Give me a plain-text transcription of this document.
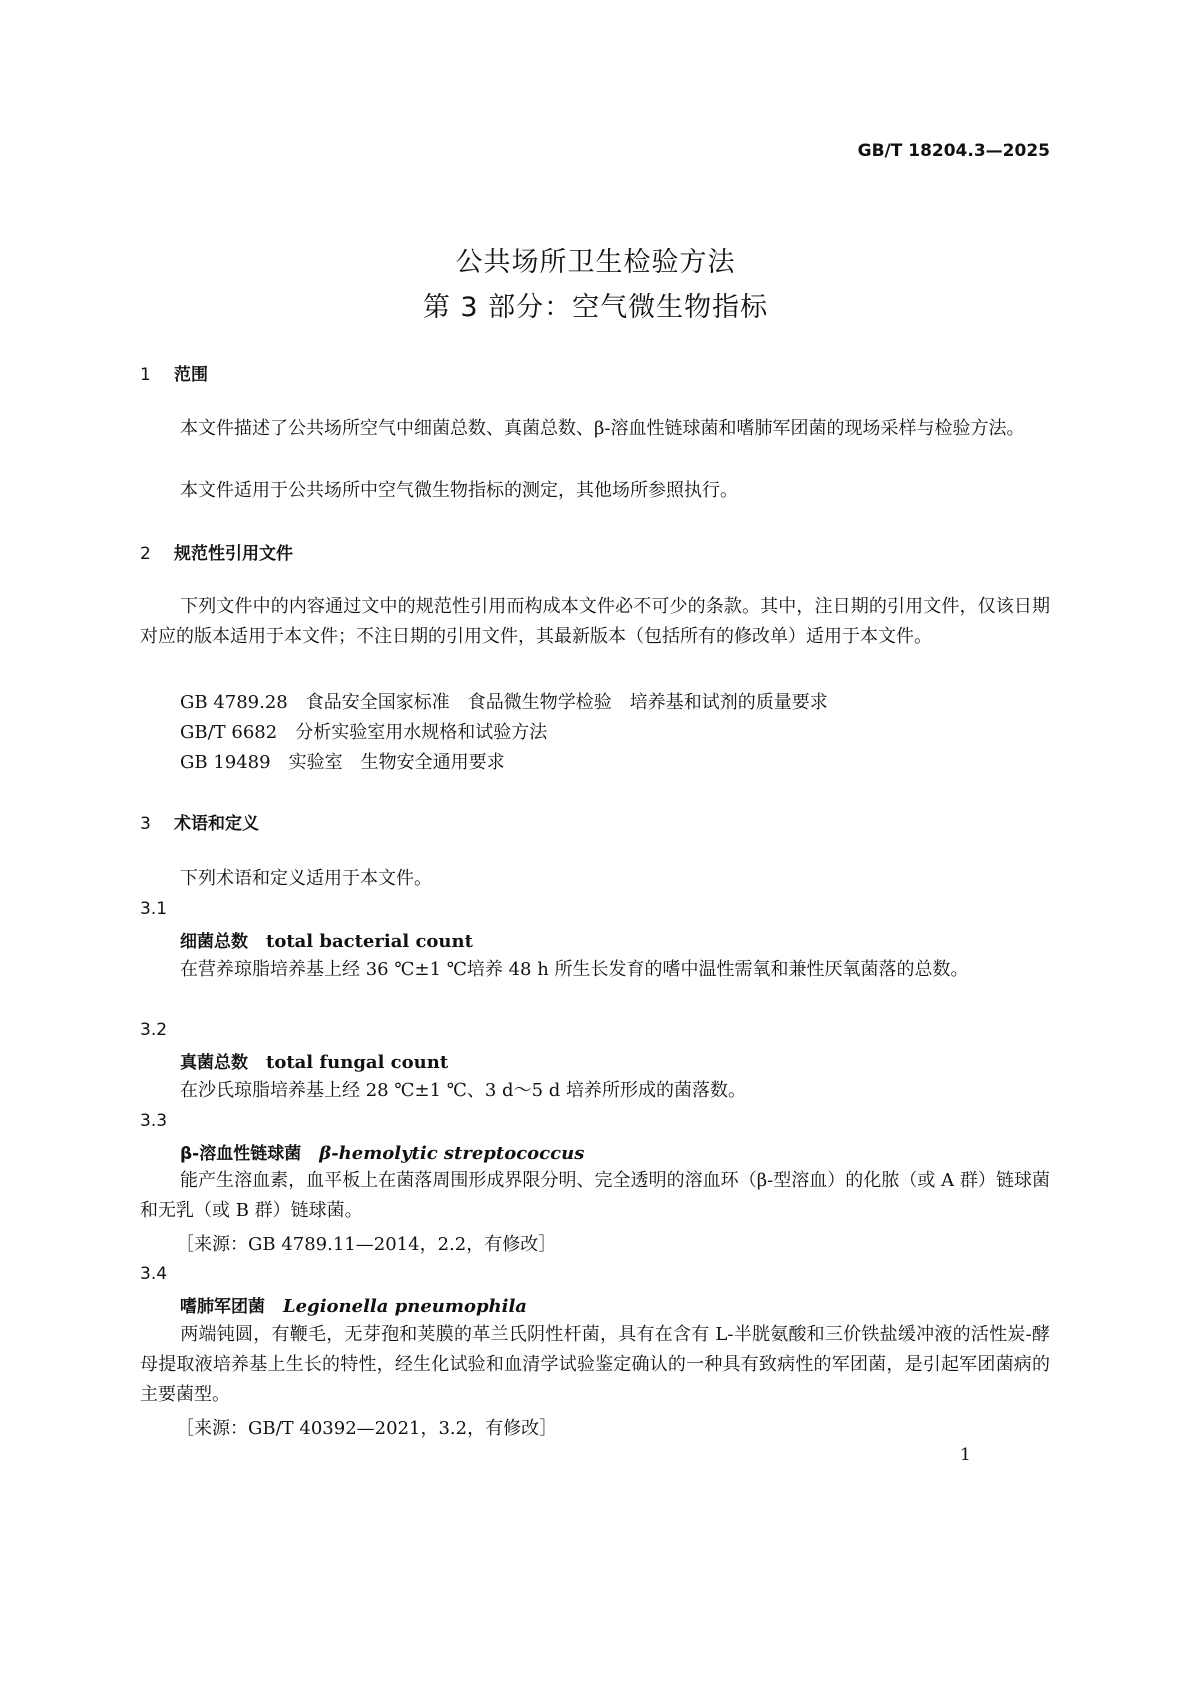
GB/T 18204.3—2025
公共场所卫生检验方法
第 3 部分：空气微生物指标
1 范围

本文件描述了公共场所空气中细菌总数、真菌总数、β-溶血性链球菌和嗜肺军团菌的现场采样与检验方法。

本文件适用于公共场所中空气微生物指标的测定，其他场所参照执行。

2 规范性引用文件

下列文件中的内容通过文中的规范性引用而构成本文件必不可少的条款。其中，注日期的引用文件，仅该日期对应的版本适用于本文件；不注日期的引用文件，其最新版本（包括所有的修改单）适用于本文件。

GB 4789.28　食品安全国家标准　食品微生物学检验　培养基和试剂的质量要求
GB/T 6682　分析实验室用水规格和试验方法
GB 19489　实验室　生物安全通用要求
3 术语和定义

下列术语和定义适用于本文件。

3.1
细菌总数 total bacterial count

在营养琼脂培养基上经 36 ℃±1 ℃培养 48 h 所生长发育的嗜中温性需氧和兼性厌氧菌落的总数。

3.2
真菌总数 total fungal count

在沙氏琼脂培养基上经 28 ℃±1 ℃、3 d～5 d 培养所形成的菌落数。

3.3
β-溶血性链球菌 β-hemolytic streptococcus

能产生溶血素，血平板上在菌落周围形成界限分明、完全透明的溶血环（β-型溶血）的化脓（或 A 群）链球菌和无乳（或 B 群）链球菌。

［来源：GB 4789.11—2014，2.2，有修改］
3.4
嗜肺军团菌 Legionella pneumophila

两端钝圆，有鞭毛，无芽孢和荚膜的革兰氏阴性杆菌，具有在含有 L-半胱氨酸和三价铁盐缓冲液的活性炭-酵母提取液培养基上生长的特性，经生化试验和血清学试验鉴定确认的一种具有致病性的军团菌，是引起军团菌病的主要菌型。

［来源：GB/T 40392—2021，3.2，有修改］
1
